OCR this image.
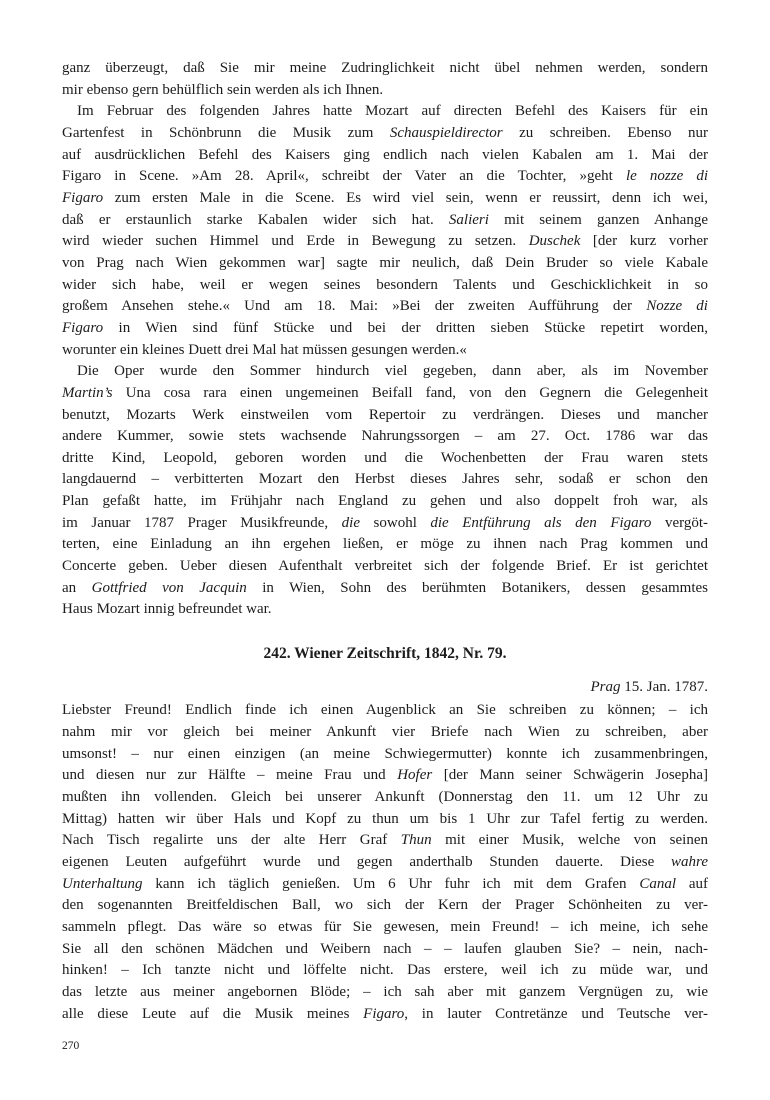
ganz überzeugt, daß Sie mir meine Zudringlichkeit nicht übel nehmen werden, sondern
mir ebenso gern behülflich sein werden als ich Ihnen.
Im Februar des folgenden Jahres hatte Mozart auf directen Befehl des Kaisers für ein
Gartenfest in Schönbrunn die Musik zum Schauspieldirector zu schreiben. Ebenso nur
auf ausdrücklichen Befehl des Kaisers ging endlich nach vielen Kabalen am 1. Mai der
Figaro in Scene. »Am 28. April«, schreibt der Vater an die Tochter, »geht le nozze di
Figaro zum ersten Male in die Scene. Es wird viel sein, wenn er reussirt, denn ich wei,
daß er erstaunlich starke Kabalen wider sich hat. Salieri mit seinem ganzen Anhange
wird wieder suchen Himmel und Erde in Bewegung zu setzen. Duschek [der kurz vorher
von Prag nach Wien gekommen war] sagte mir neulich, daß Dein Bruder so viele Kabale
wider sich habe, weil er wegen seines besondern Talents und Geschicklichkeit in so
großem Ansehen stehe.« Und am 18. Mai: »Bei der zweiten Aufführung der Nozze di
Figaro in Wien sind fünf Stücke und bei der dritten sieben Stücke repetirt worden,
worunter ein kleines Duett drei Mal hat müssen gesungen werden.«
Die Oper wurde den Sommer hindurch viel gegeben, dann aber, als im November
Martin’s Una cosa rara einen ungemeinen Beifall fand, von den Gegnern die Gelegenheit
benutzt, Mozarts Werk einstweilen vom Repertoir zu verdrängen. Dieses und mancher
andere Kummer, sowie stets wachsende Nahrungssorgen – am 27. Oct. 1786 war das
dritte Kind, Leopold, geboren worden und die Wochenbetten der Frau waren stets
langdauernd – verbitterten Mozart den Herbst dieses Jahres sehr, sodaß er schon den
Plan gefaßt hatte, im Frühjahr nach England zu gehen und also doppelt froh war, als
im Januar 1787 Prager Musikfreunde, die sowohl die Entführung als den Figaro vergöt-
terten, eine Einladung an ihn ergehen ließen, er möge zu ihnen nach Prag kommen und
Concerte geben. Ueber diesen Aufenthalt verbreitet sich der folgende Brief. Er ist gerichtet
an Gottfried von Jacquin in Wien, Sohn des berühmten Botanikers, dessen gesammtes
Haus Mozart innig befreundet war.
242. Wiener Zeitschrift, 1842, Nr. 79.
Prag 15. Jan. 1787.
Liebster Freund! Endlich finde ich einen Augenblick an Sie schreiben zu können; – ich
nahm mir vor gleich bei meiner Ankunft vier Briefe nach Wien zu schreiben, aber
umsonst! – nur einen einzigen (an meine Schwiegermutter) konnte ich zusammenbringen,
und diesen nur zur Hälfte – meine Frau und Hofer [der Mann seiner Schwägerin Josepha]
mußten ihn vollenden. Gleich bei unserer Ankunft (Donnerstag den 11. um 12 Uhr zu
Mittag) hatten wir über Hals und Kopf zu thun um bis 1 Uhr zur Tafel fertig zu werden.
Nach Tisch regalirte uns der alte Herr Graf Thun mit einer Musik, welche von seinen
eigenen Leuten aufgeführt wurde und gegen anderthalb Stunden dauerte. Diese wahre
Unterhaltung kann ich täglich genießen. Um 6 Uhr fuhr ich mit dem Grafen Canal auf
den sogenannten Breitfeldischen Ball, wo sich der Kern der Prager Schönheiten zu ver-
sammeln pflegt. Das wäre so etwas für Sie gewesen, mein Freund! – ich meine, ich sehe
Sie all den schönen Mädchen und Weibern nach – – laufen glauben Sie? – nein, nach-
hinken! – Ich tanzte nicht und löffelte nicht. Das erstere, weil ich zu müde war, und
das letzte aus meiner angebornen Blöde; – ich sah aber mit ganzem Vergnügen zu, wie
alle diese Leute auf die Musik meines Figaro, in lauter Contretänze und Teutsche ver-
270
